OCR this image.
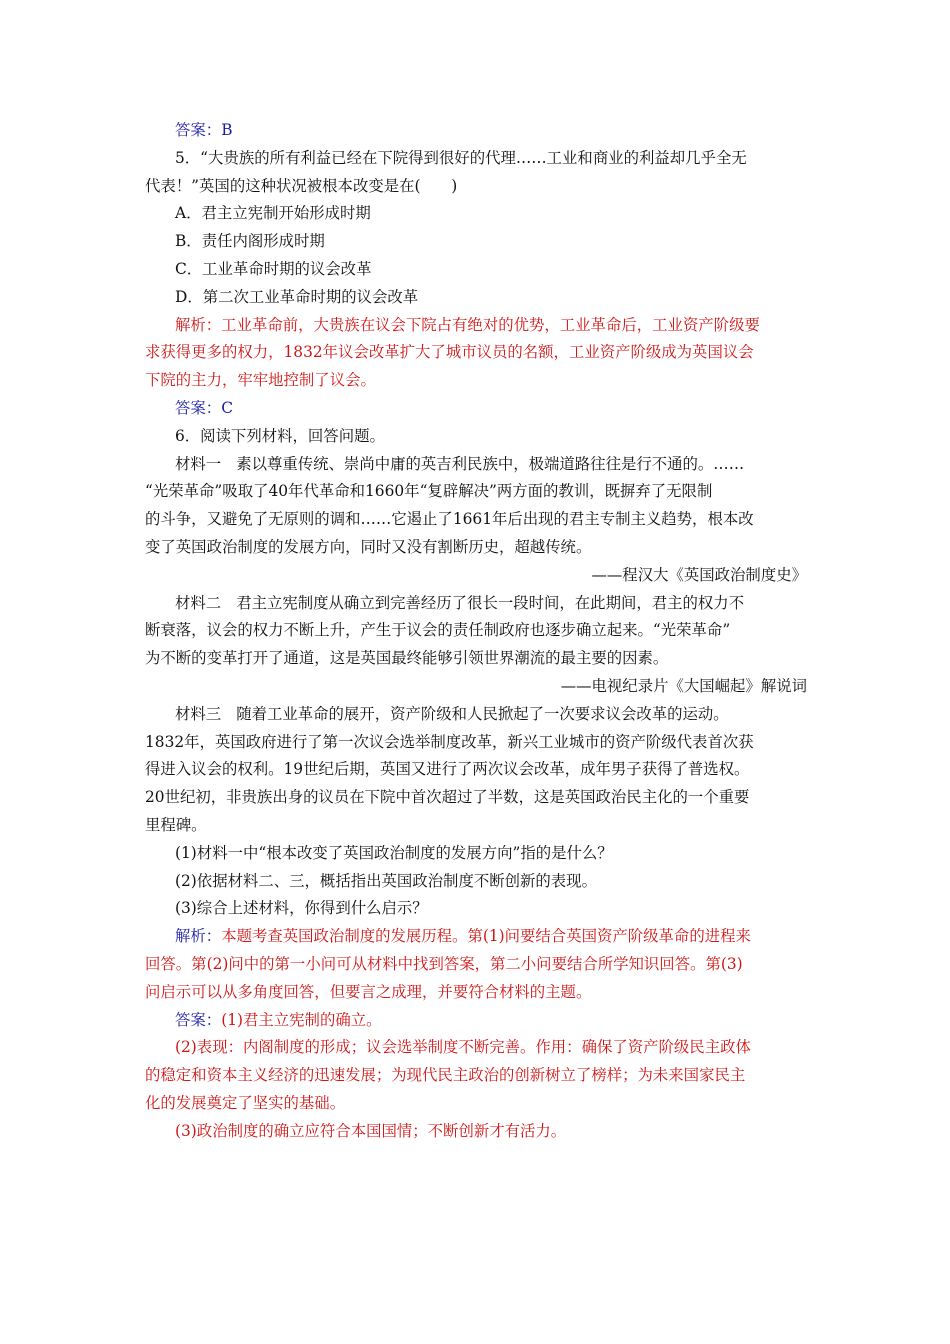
答案：B

5．“大贵族的所有利益已经在下院得到很好的代理……工业和商业的利益却几乎全无

代表！”英国的这种状况被根本改变是在(　　)

A．君主立宪制开始形成时期

B．责任内阁形成时期

C．工业革命时期的议会改革

D．第二次工业革命时期的议会改革

解析：工业革命前，大贵族在议会下院占有绝对的优势，工业革命后，工业资产阶级要

求获得更多的权力，1832年议会改革扩大了城市议员的名额，工业资产阶级成为英国议会

下院的主力，牢牢地控制了议会。

答案：C

6．阅读下列材料，回答问题。

材料一 素以尊重传统、崇尚中庸的英吉利民族中，极端道路往往是行不通的。……

“光荣革命”吸取了40年代革命和1660年“复辟解决”两方面的教训，既摒弃了无限制

的斗争，又避免了无原则的调和……它遏止了1661年后出现的君主专制主义趋势，根本改

变了英国政治制度的发展方向，同时又没有割断历史，超越传统。

——程汉大《英国政治制度史》

材料二 君主立宪制度从确立到完善经历了很长一段时间，在此期间，君主的权力不

断衰落，议会的权力不断上升，产生于议会的责任制政府也逐步确立起来。“光荣革命”

为不断的变革打开了通道，这是英国最终能够引领世界潮流的最主要的因素。

——电视纪录片《大国崛起》解说词

材料三 随着工业革命的展开，资产阶级和人民掀起了一次要求议会改革的运动。

1832年，英国政府进行了第一次议会选举制度改革，新兴工业城市的资产阶级代表首次获

得进入议会的权利。19世纪后期，英国又进行了两次议会改革，成年男子获得了普选权。

20世纪初，非贵族出身的议员在下院中首次超过了半数，这是英国政治民主化的一个重要

里程碑。

(1)材料一中“根本改变了英国政治制度的发展方向”指的是什么？

(2)依据材料二、三，概括指出英国政治制度不断创新的表现。

(3)综合上述材料，你得到什么启示？

解析：本题考查英国政治制度的发展历程。第(1)问要结合英国资产阶级革命的进程来

回答。第(2)问中的第一小问可从材料中找到答案，第二小问要结合所学知识回答。第(3)

问启示可以从多角度回答，但要言之成理，并要符合材料的主题。

答案：(1)君主立宪制的确立。

(2)表现：内阁制度的形成；议会选举制度不断完善。作用：确保了资产阶级民主政体

的稳定和资本主义经济的迅速发展；为现代民主政治的创新树立了榜样；为未来国家民主

化的发展奠定了坚实的基础。

(3)政治制度的确立应符合本国国情；不断创新才有活力。
